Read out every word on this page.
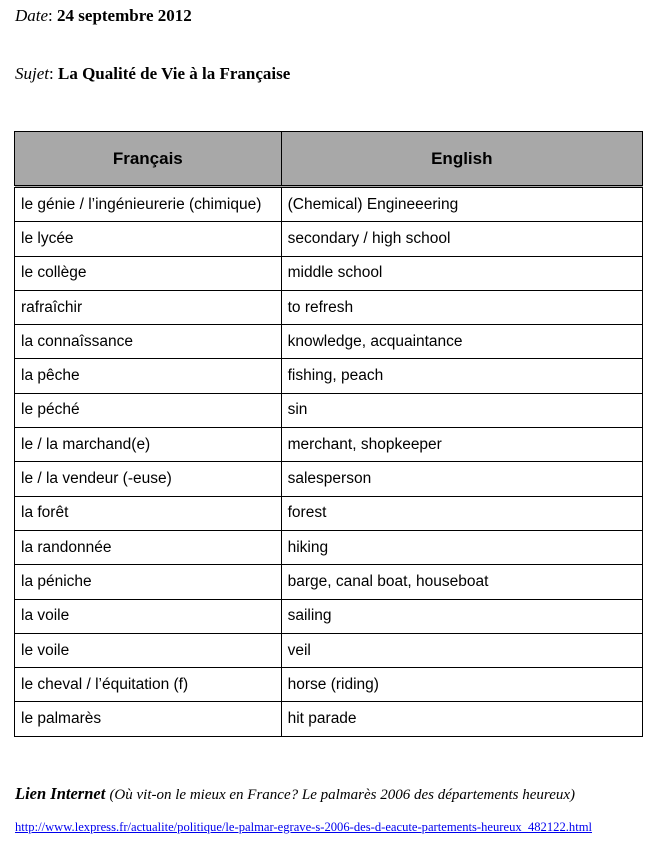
Date: 24 septembre 2012
Sujet: La Qualité de Vie à la Française
Français	English
le génie / l’ingénieurerie (chimique)	(Chemical) Engineeering
le lycée	secondary / high school
le collège	middle school
rafraîchir	to refresh
la connaîssance	knowledge, acquaintance
la pêche	fishing, peach
le péché	sin
le / la marchand(e)	merchant, shopkeeper
le / la vendeur (-euse)	salesperson
la forêt	forest
la randonnée	hiking
la péniche	barge, canal boat, houseboat
la voile	sailing
le voile	veil
le cheval / l’équitation (f)	horse (riding)
le palmarès	hit parade
Lien Internet (Où vit-on le mieux en France? Le palmarès 2006 des départements heureux)
http://www.lexpress.fr/actualite/politique/le-palmar-egrave-s-2006-des-d-eacute-partements-heureux_482122.html
